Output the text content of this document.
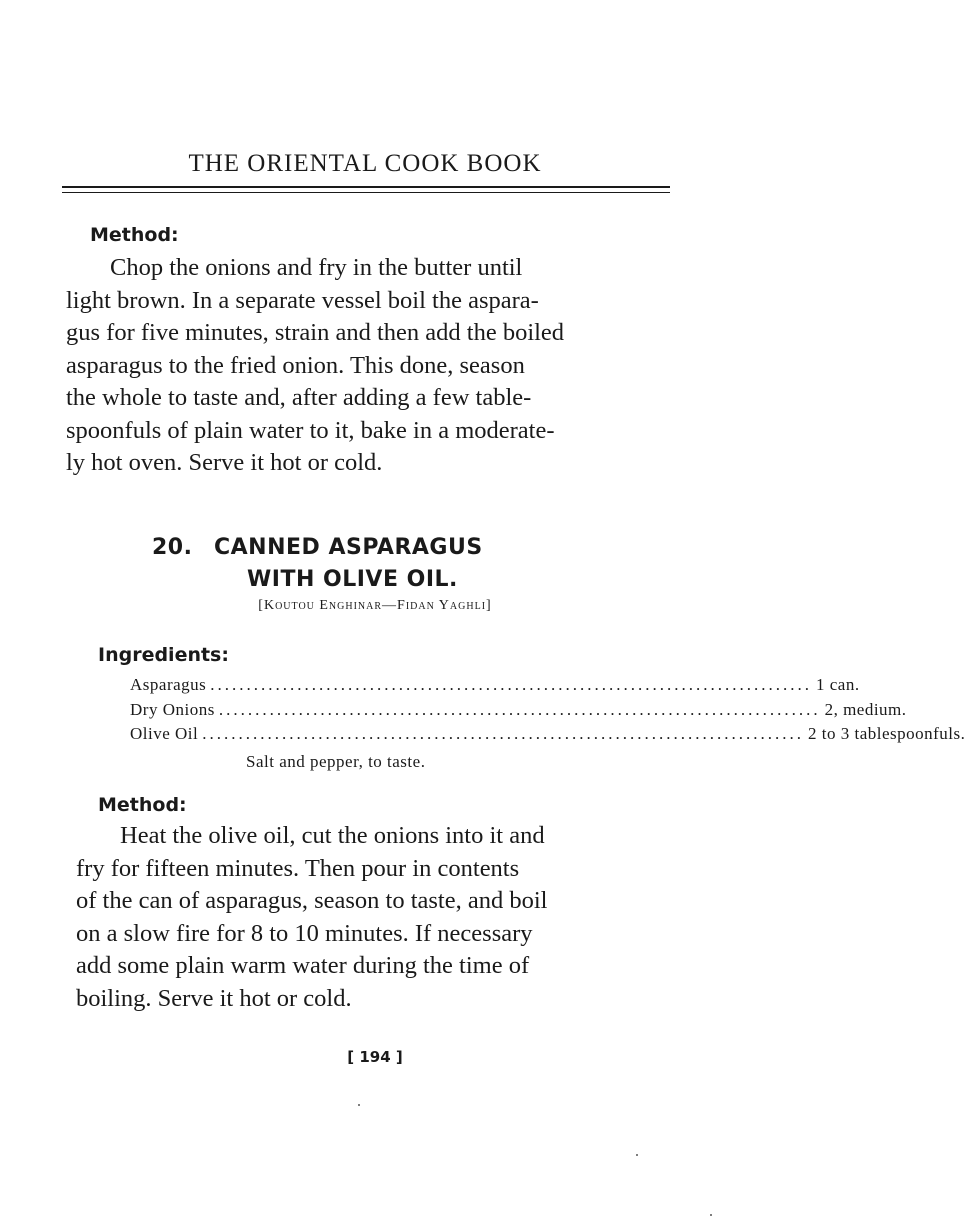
THE ORIENTAL COOK BOOK
Method:

Chop the onions and fry in the butter until

light brown. In a separate vessel boil the aspara-

gus for five minutes, strain and then add the boiled

asparagus to the fried onion. This done, season

the whole to taste and, after adding a few table-

spoonfuls of plain water to it, bake in a moderate-

ly hot oven. Serve it hot or cold.

20. CANNED ASPARAGUS
WITH OLIVE OIL.
[Koutou Enghinar—Fidan Yaghli]
Ingredients:
Asparagus ................................................................................... 1 can.
Dry Onions ................................................................................... 2, medium.
Olive Oil ................................................................................... 2 to 3 tablespoonfuls.
Salt and pepper, to taste.
Method:

Heat the olive oil, cut the onions into it and

fry for fifteen minutes. Then pour in contents

of the can of asparagus, season to taste, and boil

on a slow fire for 8 to 10 minutes. If necessary

add some plain warm water during the time of

boiling. Serve it hot or cold.

[ 194 ]
